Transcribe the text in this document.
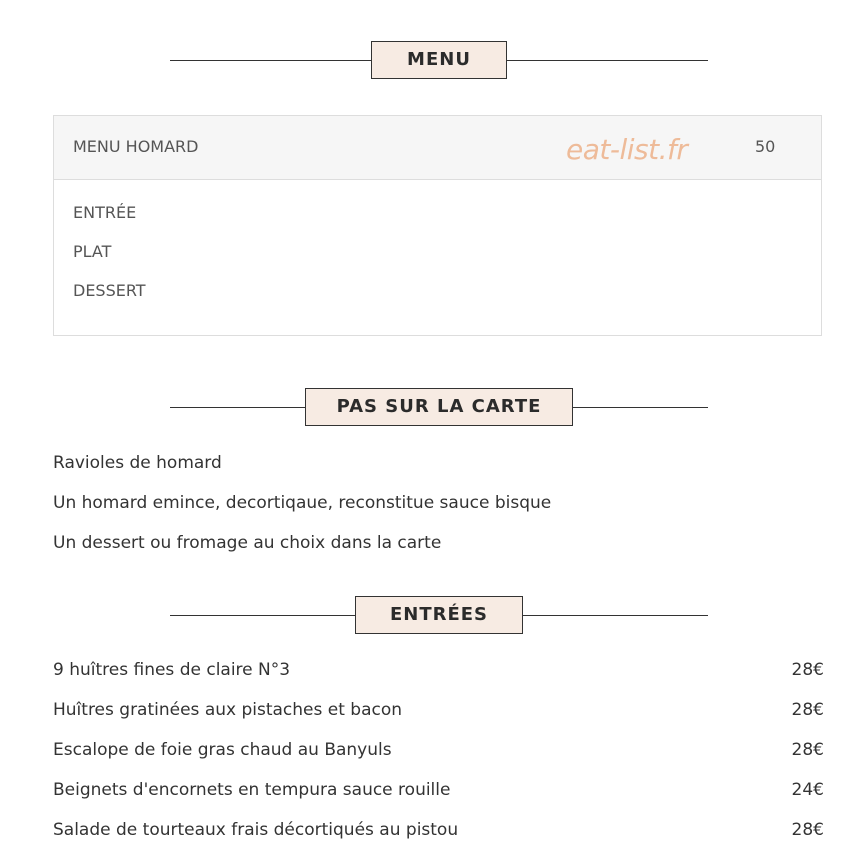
MENU
MENU HOMARD	eat-list.fr	50
ENTRÉE
PLAT
DESSERT
PAS SUR LA CARTE
Ravioles de homard
Un homard emince, decortiqaue, reconstitue sauce bisque
Un dessert ou fromage au choix dans la carte
ENTRÉES
9 huîtres fines de claire N°3	28€
Huîtres gratinées aux pistaches et bacon	28€
Escalope de foie gras chaud au Banyuls	28€
Beignets d'encornets en tempura sauce rouille	24€
Salade de tourteaux frais décortiqués au pistou	28€
